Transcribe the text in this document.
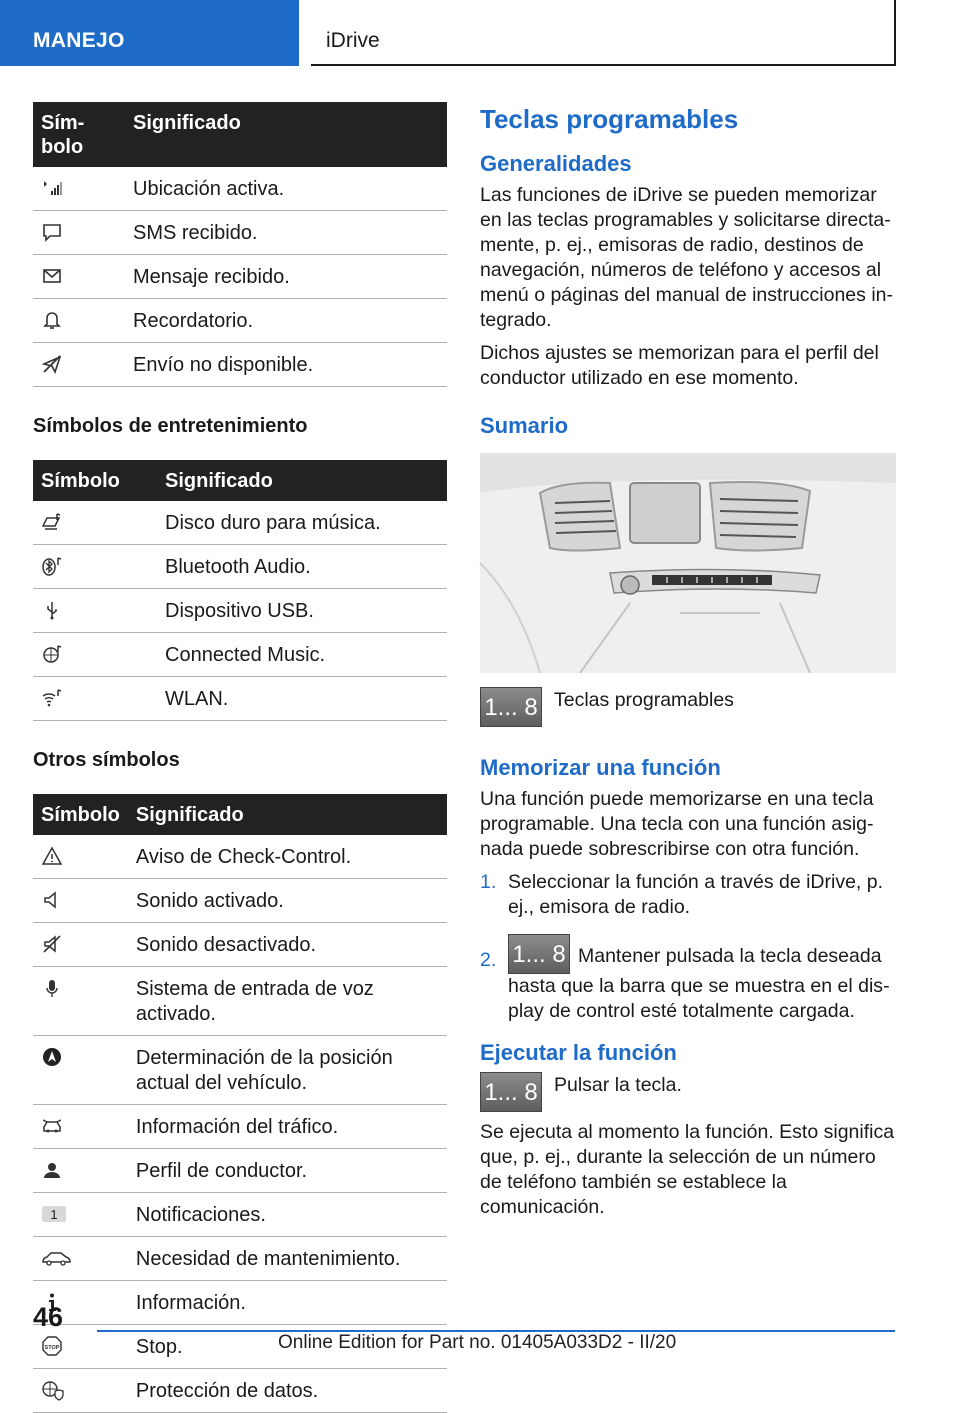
MANEJO	iDrive
Sím-
bolo	Significado

	Ubicación activa.

	SMS recibido.

	Mensaje recibido.

	Recordatorio.

	Envío no disponible.
Símbolos de entretenimiento
Símbolo	Significado

	Disco duro para música.

	Bluetooth Audio.

	Dispositivo USB.

	Connected Music.

	WLAN.
Otros símbolos
Símbolo	Significado

	Aviso de Check-Control.

	Sonido activado.

	Sonido desactivado.

	Sistema de entrada de voz activado.

	Determinación de la posición actual del vehículo.

	Información del tráfico.

	Perfil de conductor.

1	Notificaciones.

	Necesidad de mantenimiento.

	Información.

STOP	Stop.

	Protección de datos.
Teclas programables
Generalidades

Las funciones de iDrive se pueden memorizar en las teclas programables y solicitarse directamente, p. ej., emisoras de radio, destinos de navegación, números de teléfono y accesos al menú o páginas del manual de instrucciones integrado.

Dichos ajustes se memorizan para el perfil del conductor utilizado en ese momento.

Sumario
1... 8 Teclas programables
Memorizar una función

Una función puede memorizarse en una tecla programable. Una tecla con una función asignada puede sobrescribirse con otra función.

1. Seleccionar la función a través de iDrive, p. ej., emisora de radio.
2. 1... 8 Mantener pulsada la tecla deseada hasta que la barra que se muestra en el display de control esté totalmente cargada.
Ejecutar la función
1... 8 Pulsar la tecla.

Se ejecuta al momento la función. Esto significa que, p. ej., durante la selección de un número de teléfono también se establece la comunicación.

46
Online Edition for Part no. 01405A033D2 - II/20
